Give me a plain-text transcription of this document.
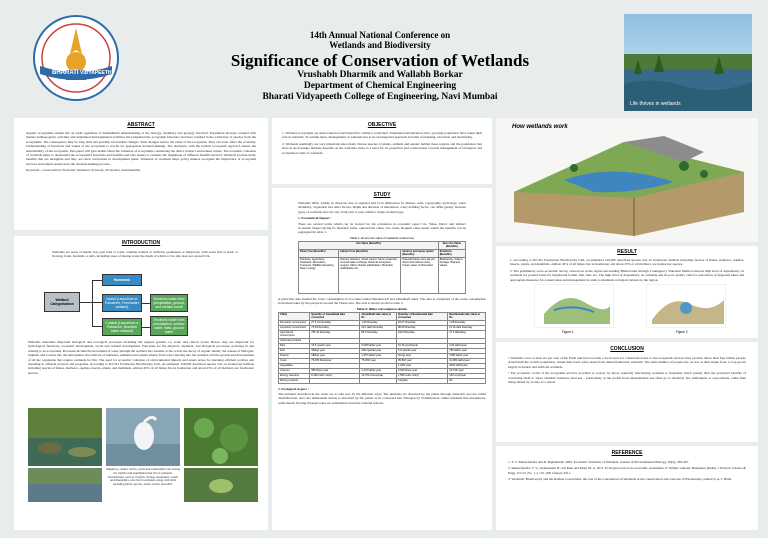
BHARATI VIDYAPEETH
14th Annual National Conference on
Wetlands and Biodiversity
Significance of Conservation of Wetlands
Vrushabh Dharmik and Wallabh Borkar
Department of Chemical Engineering
Bharati Vidyapeeth College of Engineering, Navi Mumbai
Life thrives in wetlands
ABSTRACT
Aquatic ecosystems sustain life on earth regardless of humankind's understanding of the biology, chemistry and geology involved. Population increase coupled with intense anthropogenic activities and unplanned developmental activities have impaired the ecosystem functions and have resulted in the extinction of species from the ecosystems. The consequence may be long term and possibly irreversible changes. Such changes reduce the value of the ecosystem. They can even affect the economy. Understanding of functions and values of the ecosystem is crucial for appropriate decision-making. The decisions, with the holistic ecosystem approach ensure the sustainability of the ecosystem. This paper will give details about the valuation of ecosystems considering the direct, indirect and nonuse values. The economic valuation of wetlands helps to understand the ecosystem's functions and benefits and also assists to evaluate the magnitude of different benefits derived. Wetlands provide many benefits that are intangible and they are often overlooked in development plans. Valuation of wetlands helps policy makers recognise the importance of ecosystem services and natural resources in the decision-making process.
Keywords - Conservation, Economic Valuation, Economy, Ecosystem, Sustainability.
INTRODUCTION
Wetlands are areas of marsh, fen, peat land or water, whether natural or artificial, permanent or temporary, with water that is static or flowing, fresh, brackish or salty, including areas of marine water the depth of which at low tide does not exceed 6 m.
Wetland Categorization
Hummock
Inland (Lacustrine or Palustrine, Freshwater wetland)
Coastal (Lacustrine or Palustrine, Brackish water wetland)
Receives water from precipitation, ground, and surface runoff
Receives water from precipitation, surface water, tides, ground water
Wetlands undertake important biological and ecological processes including life support systems i.e. water and carbon cycles. Hence, they are important for hydrological functions, economic development, social and cultural development. Functions are the physical, chemical, and biological processes occurring in and relating to an ecosystem. Processes include the movement of water through the wetland into streams or the ocean; the decay of organic matter; the release of Nitrogen, Sulphur, and Carbon into the atmosphere; the removal of nutrients, sediment and organic matter from water moving into the wetland; and the growth and development of all the organisms that require wetlands for life. The need for economic valuation of environmental impacts and assets arises for pursuing efficient policies and investing in efficient projects and programs. According to IUCN's Freshwater Biodiversity Unit, an estimated 126,000 described species rely on freshwater habitats including species of fishes, molluscs, reptiles, insects, plants, and mammals. Almost 45% of all fishes live in freshwater and about 25% of all molluscs are freshwater species.
Alligators, snakes, turtles, newts and salamanders are among the reptiles and amphibians that live in wetlands. Invertebrates, such as crayfish, shrimp, mosquitoes, snails and dragonflies, also live in wetlands, along with birds including plover, grouse, storks, herons and other.
OBJECTIVE

1. Wetland ecosystems are interconnected and interactive within a watershed. Unplanned urbanization and a growing population have taken their toll on wetlands. To sustain these, management of wetlands has to be an integrated approach in terms of planning, execution and monitoring.

2. Wetlands seemingly are very important since many diverse species of plants, animals and aquatic habitat these regions and the population that lives in such unique habitats depends on the wetlands, there is a need for its protection and conservation towards management of biological and economical value of wetlands.

STUDY
Wetlands differ widely in character due to regional and local differences in climate, soils, topography, hydrology, water chemistry, vegetation and other factors. Depth and duration of inundation, a key defining factor, can differ greatly between types of wetlands and can vary from year to year within a single wetland type.
1. Economical Impact :
There are several terms which can be viewed for the evaluation in economic aspect viz. Value, Direct and indirect economic impact giving its Optional value, option/exist value, Use value, Request value under which the benefits can be segregated in table 1.
Table 1: Economic value of wetlands (reference)
Use Value (Benefits)			Non-Use Value (Benefits)
Direct Use (Benefits)	Indirect Use (Benefits)	Options and quasi-option (Benefits)	Existence (Benefits)
Fisheries, Agriculture, Fuelwood, Recreation, Transport, Wildlife harvesting, Peat / energy	Nutrient retention, Flood control, Storm protection, Ground water recharge, External ecosystem support, Micro-climatic stabilization, Shoreline stabilization etc.	Potential future uses (as per direct and indirect uses), Future value of information	Biodiversity, Culture, heritage, Bequest values
A particular data studied the water consumption of two lakes named Bandarwadi and Jamadhadi lakes. The data is comprised of the water consumption from these lakes by the people in around the Thane area. The data is shown in above table 3.
Table 3: Water consumption details
Utility	Quantity of Jamadhadi lake consumed	Jamadhadi lake value in Rs	Quantity of Bandarwadi lake consumed	Bandarwadi lake value in Rs
Domestic consumption	27.5 41 litres/day	1.30 litres/day	18.07 litres/day	1.08 litres/day
Livestock consumption	76.93 litres/day	20.1 lakh litres/day	88.09 litres/day	21.01 lakh litres/day
Agricultural consumption	765.10 litres/day	85.0 litres/day	1100 litres/day	27.4 lakhs/day
Industrial products				
Rice	15.5 pouch/ year	0.005 lakhs/ year	10.25 pouch/year	4.04 lakhs/year
Fish	400kg/ year	400/ quintal/ year	5.9 quintal/ year	780 lakhs/ year
Prawns	180kg/ year	1.467 lakhs/ year	40 kg/ year	1780 lakhs/ year
Cows	75,250 litres/year	75,250/ year	95,840 year	42,980 lakhs/year
Vegetables			1,040/ year	2004 lakhs/year
Coconut	380 litres/ year	1,170 lakhs/ year	3,630 litres/ year	10,720/ year
Energy resource	8,400 cubic mts/yr	12,700 crores/year	1,590 cubic mts/yr	130 crore/year
Mining products			3 kg/day	Nil
2. Ecological Aspect :
The nutrients described in the water are to take into by the different ways. The nutrients are absorbed by the plants through anaerobic process called denitrification. Also the ammonium nitrate is absorbed by the plants as its converted into Nitrogen by Volatilization. Other nutrients like phosphorus, some metals flowing through water are sedimented down the wetland bottom.
How wetlands work
RESULT

1. According to IUCN's Freshwater Biodiversity Unit, an estimated 126,000 described species rely on freshwater habitats including species of fishes, molluscs, reptiles, insects, plants, and mammals. Almost 45% of all fishes live in freshwater and about 25% of all molluscs are freshwater species.

2. The preliminary socio-economic survey carried out in the region surrounding Bhibad lake through Contingency Valuation Method showed high level of dependency on wetlands for ground water for irrigational fodder, fish, fuel, etc. The high level of dependency on wetlands and its poor quality calls for restoration of degraded lakes and appropriate measures for conservation and management in order to maintain ecological balance in the region.

Figure 1	Figure 2
CONCLUSION

• Wetlands cover at least six per cent of the Earth and have become a focal issue for conservation due to the ecosystem services they provide. More than four billion people, around half the world's population, obtain their basic water needs from inland freshwater wetlands. The same number of people rely on rice as their staple food, a crop grown largely in natural and artificial wetlands.

• The economic worth of the ecosystem services provided to society by intact, naturally functioning wetlands is frequently much greater than the perceived benefits of converting them to 'more valuable' intensive land use – particularly as the profits from unsustainable use often go to relatively few individuals or corporations, rather than being shared by society as a whole.

REFERENCE

1. T. V. Ramachandra and R. Rajinikanth, 2005. Economic Valuation of Wetlands. Journal of Environmental Biology, 26(2), 439-447.

2. Ramachandra, T. V., Alakananda B., Ali Rani and Khan M. A. 2011. Ecological and socio-economic assessment of Varthur wetland, Bengaluru (India). J Environ Science & Engg, Vol 53, No. 1, p 101-108, January 2011.

3. Wetlands: Biodiversity and the Ramsar Convention: the role of the Convention on Wetlands in the conservation and wise use of Biodiversity, edited by A. J. Hails.
